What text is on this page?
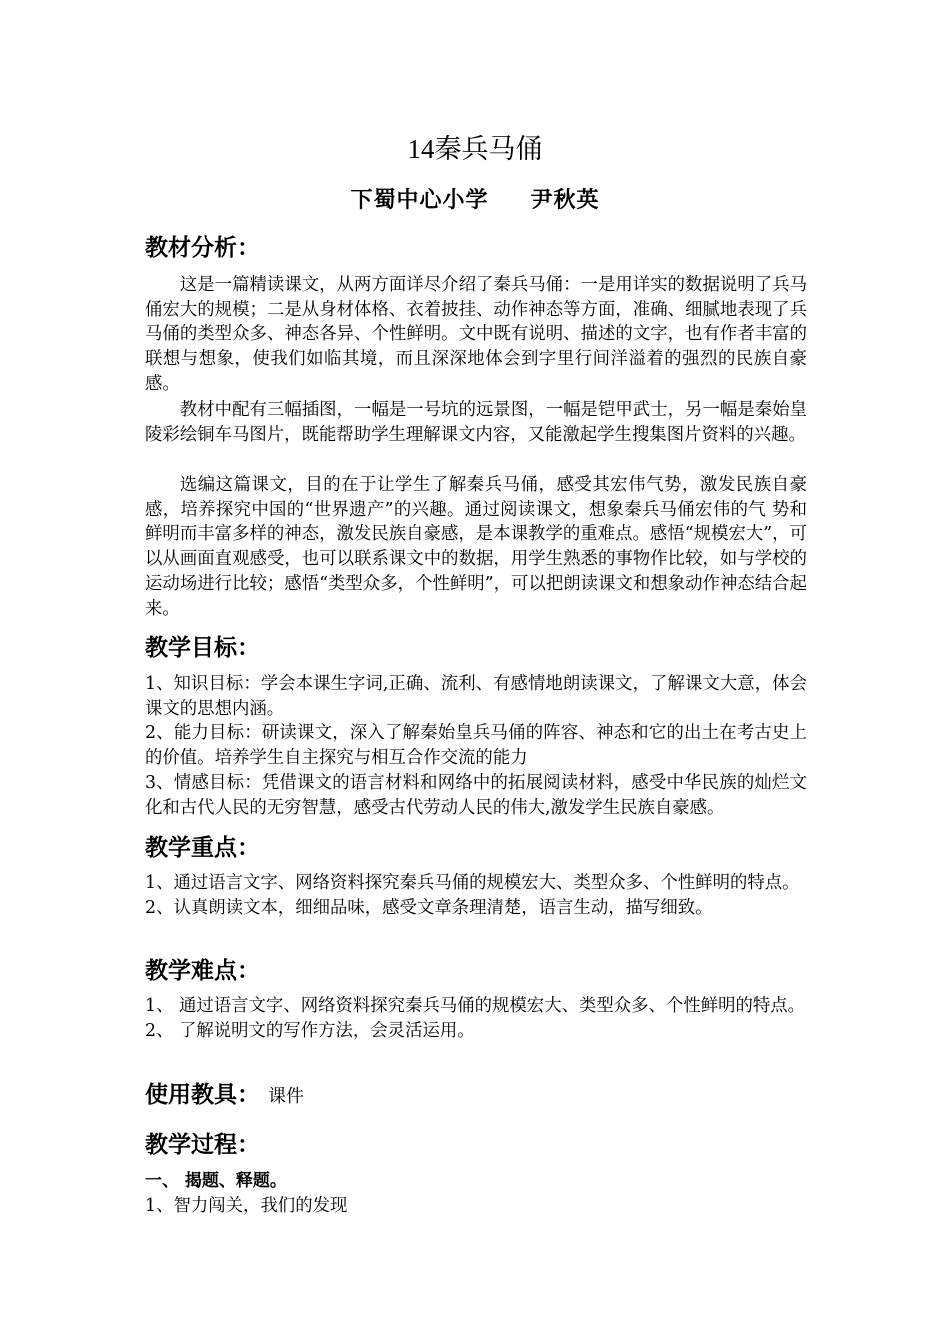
14秦兵马俑
下蜀中心小学 尹秋英
教材分析：
这是一篇精读课文，从两方面详尽介绍了秦兵马俑：一是用详实的数据说明了兵马俑宏大的规模；二是从身材体格、衣着披挂、动作神态等方面，准确、细腻地表现了兵马俑的类型众多、神态各异、个性鲜明。文中既有说明、描述的文字，也有作者丰富的联想与想象，使我们如临其境，而且深深地体会到字里行间洋溢着的强烈的民族自豪感。
教材中配有三幅插图，一幅是一号坑的远景图，一幅是铠甲武士，另一幅是秦始皇陵彩绘铜车马图片，既能帮助学生理解课文内容，又能激起学生搜集图片资料的兴趣。
选编这篇课文，目的在于让学生了解秦兵马俑，感受其宏伟气势，激发民族自豪感，培养探究中国的“世界遗产”的兴趣。通过阅读课文，想象秦兵马俑宏伟的气 势和鲜明而丰富多样的神态，激发民族自豪感，是本课教学的重难点。感悟“规模宏大”，可以从画面直观感受，也可以联系课文中的数据，用学生熟悉的事物作比较，如与学校的运动场进行比较；感悟“类型众多，个性鲜明”，可以把朗读课文和想象动作神态结合起来。
教学目标：

1、知识目标：学会本课生字词,正确、流利、有感情地朗读课文，了解课文大意，体会课文的思想内涵。

2、能力目标：研读课文，深入了解秦始皇兵马俑的阵容、神态和它的出土在考古史上的价值。培养学生自主探究与相互合作交流的能力

3、情感目标：凭借课文的语言材料和网络中的拓展阅读材料，感受中华民族的灿烂文化和古代人民的无穷智慧，感受古代劳动人民的伟大,激发学生民族自豪感。

教学重点：

1、通过语言文字、网络资料探究秦兵马俑的规模宏大、类型众多、个性鲜明的特点。

2、认真朗读文本，细细品味，感受文章条理清楚，语言生动，描写细致。

教学难点：

1、 通过语言文字、网络资料探究秦兵马俑的规模宏大、类型众多、个性鲜明的特点。

2、 了解说明文的写作方法，会灵活运用。

使用教具： 课件
教学过程：
一、 揭题、释题。
1、智力闯关，我们的发现
